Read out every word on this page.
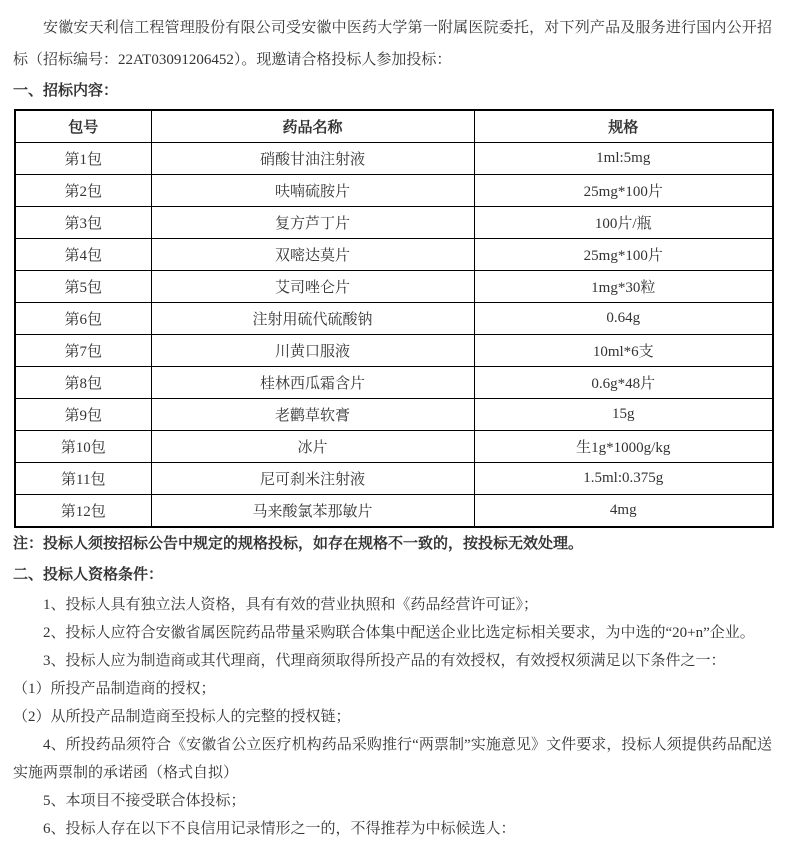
安徽安天利信工程管理股份有限公司受安徽中医药大学第一附属医院委托，对下列产品及服务进行国内公开招标（招标编号：22AT03091206452）。现邀请合格投标人参加投标：

一、招标内容：
包号	药品名称	规格
第1包	硝酸甘油注射液	1ml:5mg
第2包	呋喃硫胺片	25mg*100片
第3包	复方芦丁片	100片/瓶
第4包	双嘧达莫片	25mg*100片
第5包	艾司唑仑片	1mg*30粒
第6包	注射用硫代硫酸钠	0.64g
第7包	川黄口服液	10ml*6支
第8包	桂林西瓜霜含片	0.6g*48片
第9包	老鹳草软膏	15g
第10包	冰片	生1g*1000g/kg
第11包	尼可刹米注射液	1.5ml:0.375g
第12包	马来酸氯苯那敏片	4mg

注：投标人须按招标公告中规定的规格投标，如存在规格不一致的，按投标无效处理。

二、投标人资格条件：

1、投标人具有独立法人资格，具有有效的营业执照和《药品经营许可证》；

2、投标人应符合安徽省属医院药品带量采购联合体集中配送企业比选定标相关要求，为中选的“20+n”企业。

3、投标人应为制造商或其代理商，代理商须取得所投产品的有效授权，有效授权须满足以下条件之一：

（1）所投产品制造商的授权；

（2）从所投产品制造商至投标人的完整的授权链；

4、所投药品须符合《安徽省公立医疗机构药品采购推行“两票制”实施意见》文件要求，投标人须提供药品配送实施两票制的承诺函（格式自拟）

5、本项目不接受联合体投标；

6、投标人存在以下不良信用记录情形之一的，不得推荐为中标候选人：
